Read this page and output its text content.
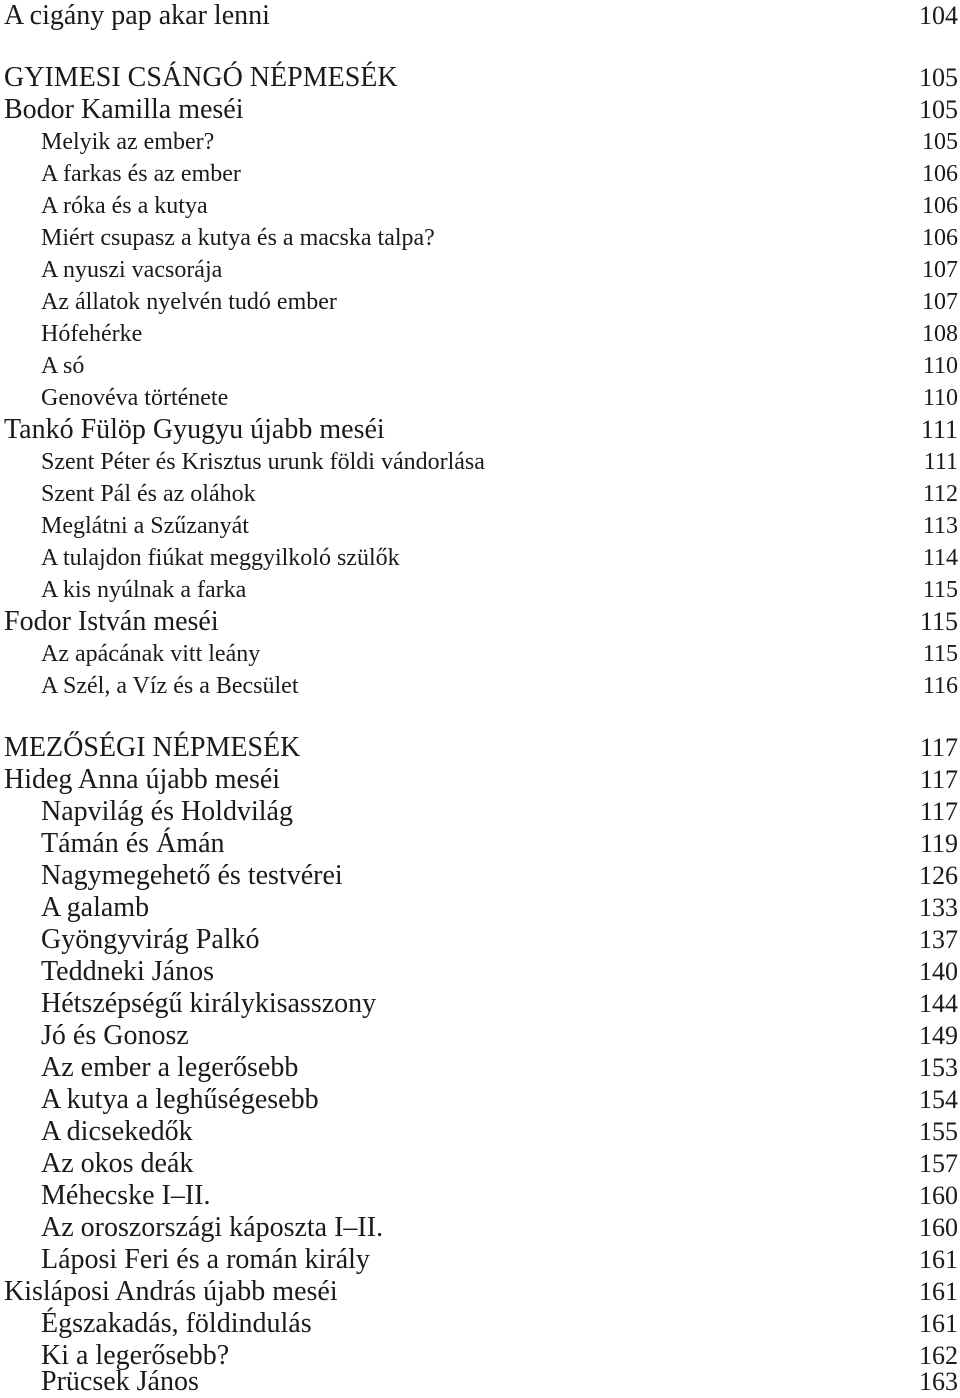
A cigány pap akar lenni	104
GYIMESI CSÁNGÓ NÉPMESÉK	105
Bodor Kamilla meséi	105
Melyik az ember?	105
A farkas és az ember	106
A róka és a kutya	106
Miért csupasz a kutya és a macska talpa?	106
A nyuszi vacsorája	107
Az állatok nyelvén tudó ember	107
Hófehérke	108
A só	110
Genovéva története	110
Tankó Fülöp Gyugyu újabb meséi	111
Szent Péter és Krisztus urunk földi vándorlása	111
Szent Pál és az oláhok	112
Meglátni a Szűzanyát	113
A tulajdon fiúkat meggyilkoló szülők	114
A kis nyúlnak a farka	115
Fodor István meséi	115
Az apácának vitt leány	115
A Szél, a Víz és a Becsület	116
MEZŐSÉGI NÉPMESÉK	117
Hideg Anna újabb meséi	117
Napvilág és Holdvilág	117
Támán és Ámán	119
Nagymegehető és testvérei	126
A galamb	133
Gyöngyvirág Palkó	137
Teddneki János	140
Hétszépségű királykisasszony	144
Jó és Gonosz	149
Az ember a legerősebb	153
A kutya a leghűségesebb	154
A dicsekedők	155
Az okos deák	157
Méhecske I–II.	160
Az oroszországi káposzta I–II.	160
Láposi Feri és a román király	161
Kisláposi András újabb meséi	161
Égszakadás, földindulás	161
Ki a legerősebb?	162
Prücsek János	163
